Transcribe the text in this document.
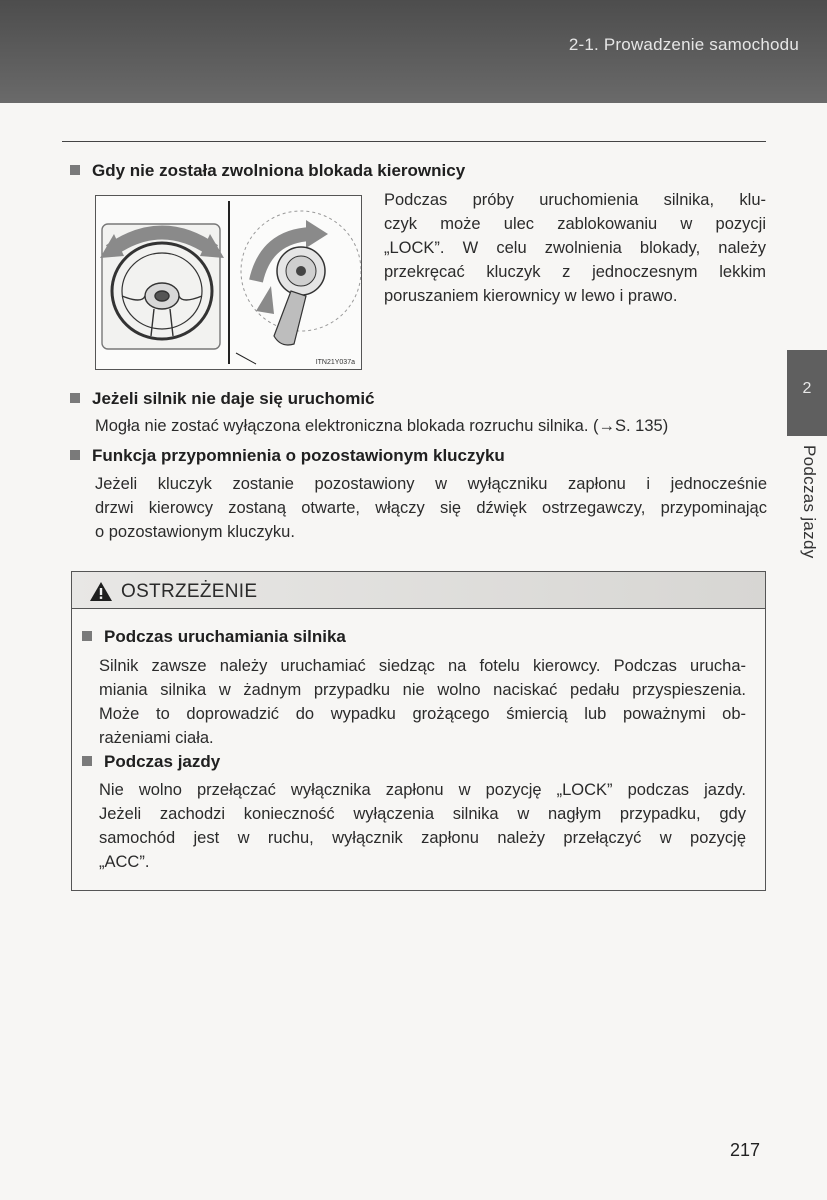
2-1. Prowadzenie samochodu
Gdy nie została zwolniona blokada kierownicy
ITN21Y037a
Podczas próby uruchomienia silnika, klu-
czyk może ulec zablokowaniu w pozycji
„LOCK”. W celu zwolnienia blokady, należy
przekręcać kluczyk z jednoczesnym lekkim
poruszaniem kierownicy w lewo i prawo.
Jeżeli silnik nie daje się uruchomić
Mogła nie zostać wyłączona elektroniczna blokada rozruchu silnika. (→S. 135)
Funkcja przypomnienia o pozostawionym kluczyku
Jeżeli kluczyk zostanie pozostawiony w wyłączniku zapłonu i jednocześnie
drzwi kierowcy zostaną otwarte, włączy się dźwięk ostrzegawczy, przypominając
o pozostawionym kluczyku.
2
Podczas jazdy
OSTRZEŻENIE
Podczas uruchamiania silnika
Silnik zawsze należy uruchamiać siedząc na fotelu kierowcy. Podczas urucha-
miania silnika w żadnym przypadku nie wolno naciskać pedału przyspieszenia.
Może to doprowadzić do wypadku grożącego śmiercią lub poważnymi ob-
rażeniami ciała.
Podczas jazdy
Nie wolno przełączać wyłącznika zapłonu w pozycję „LOCK” podczas jazdy.
Jeżeli zachodzi konieczność wyłączenia silnika w nagłym przypadku, gdy
samochód jest w ruchu, wyłącznik zapłonu należy przełączyć w pozycję
„ACC”.
217
